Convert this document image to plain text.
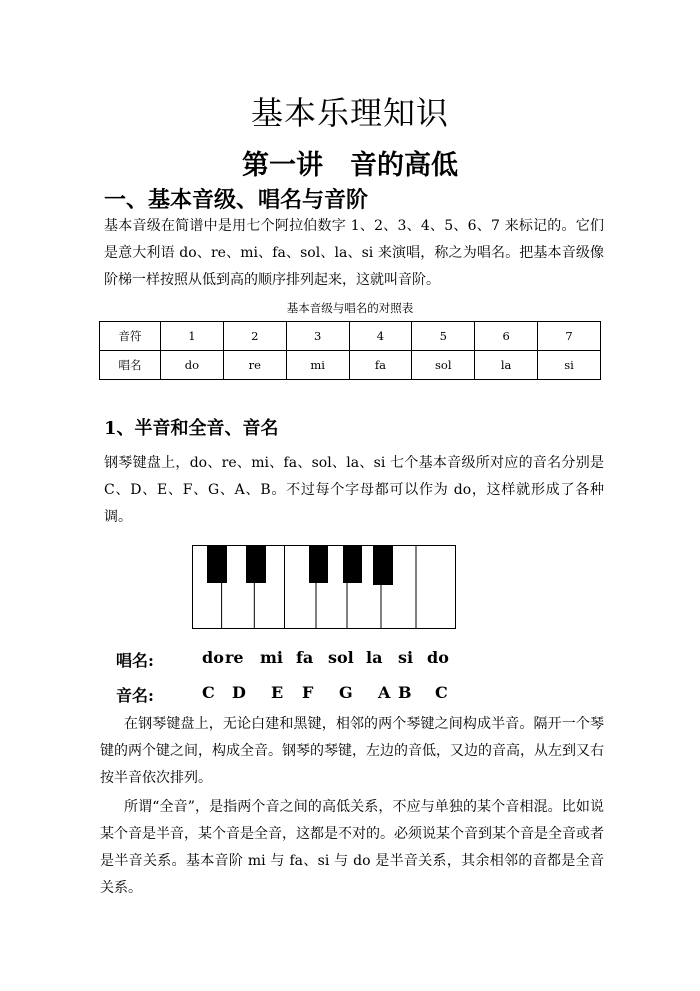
基本乐理知识
第一讲　音的高低
一、基本音级、唱名与音阶
基本音级在简谱中是用七个阿拉伯数字 1、2、3、4、5、6、7 来标记的。它们是意大利语 do、re、mi、fa、sol、la、si 来演唱，称之为唱名。把基本音级像阶梯一样按照从低到高的顺序排列起来，这就叫音阶。
基本音级与唱名的对照表
音符	1	2	3	4	5	6	7
唱名	do	re	mi	fa	sol	la	si
1、半音和全音、音名
钢琴键盘上，do、re、mi、fa、sol、la、si 七个基本音级所对应的音名分别是 C、D、E、F、G、A、B。不过每个字母都可以作为 do，这样就形成了各种调。
唱名:	do re mi fa sol la si do
音名:	C D E F G A B C
在钢琴键盘上，无论白建和黑键，相邻的两个琴键之间构成半音。隔开一个琴键的两个键之间，构成全音。钢琴的琴键，左边的音低，又边的音高，从左到又右按半音依次排列。
所谓“全音”，是指两个音之间的高低关系，不应与单独的某个音相混。比如说某个音是半音，某个音是全音，这都是不对的。必须说某个音到某个音是全音或者是半音关系。基本音阶 mi 与 fa、si 与 do 是半音关系，其余相邻的音都是全音关系。
